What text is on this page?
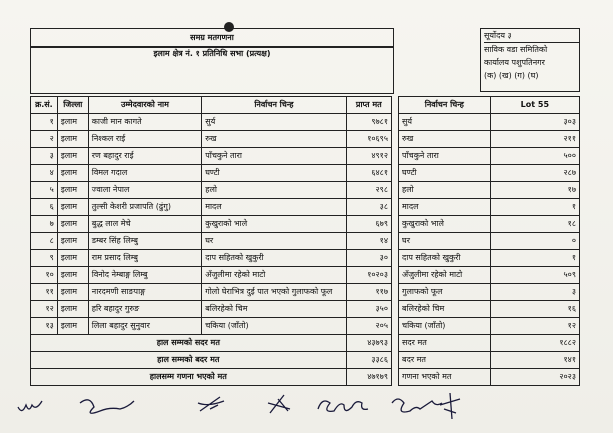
समग्र मतगणना
इलाम क्षेत्र नं. १ प्रतिनिधि सभा (प्रत्यक्ष)
सूर्योदय ३
साविक वडा समितिको
कार्यालय पशुपतिनगर
(क) (ख) (ग) (घ)
क्र.सं.	जिल्ला	उम्मेदवारको नाम	निर्वाचन चिन्ह	प्राप्त मत
१	इलाम	काजी मान कागते	सुर्य	९७८१
२	इलाम	निश्कल राई	रुख	१०६९५
३	इलाम	रण बहादुर राई	पाँचकुने तारा	४९१२
४	इलाम	विमल गदाल	घण्टी	६४८१
५	इलाम	ज्वाला नेपाल	हलो	२९८
६	इलाम	तुल्सी केशरी प्रजापति (ढुंगु)	मादल	३८
७	इलाम	बुद्ध लाल मेचे	कुखुराको भाले	६७९
८	इलाम	डम्बर सिंह लिम्बु	घर	१४
९	इलाम	राम प्रसाद लिम्बु	दाप सहितको खुकुरी	३०
१०	इलाम	विनोद नेम्बाङ्ग लिम्बु	अँजुलीमा रहेको माटो	१०२०३
११	इलाम	नारदमणी साङपाङ्ग	गोलो घेराभित्र दुई पात भएको गुलाफको फूल	११७
१२	इलाम	हरि बहादुर गुरुङ	बलिरहेको चिम	३५०
१३	इलाम	लिला बहादुर सुनुवार	चकिया (जाँतो)	२०५
हाल सम्मको सदर मत				४३७९३
हाल सम्मको बदर मत				३३८६
हालसम्म गणना भएको मत				४७१७९
निर्वाचन चिन्ह	Lot 55
सुर्य	३०३
रुख	२११
पाँचकुने तारा	५००
घण्टी	२८७
हलो	१७
मादल	१
कुखुराको भाले	१८
घर	०
दाप सहितको खुकुरी	१
अँजुलीमा रहेको माटो	५०९
गुलाफको फूल	३
बलिरहेको चिम	१६
चकिया (जाँतो)	१२
सदर मत	१८८२
बदर मत	१४१
गणना भएको मत	२०२३
